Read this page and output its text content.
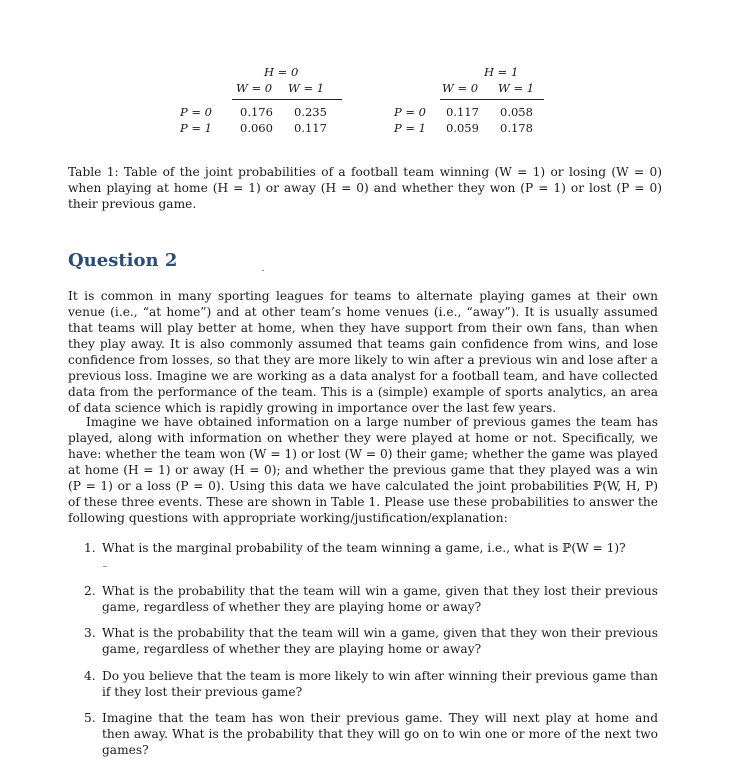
H = 0
W = 0 W = 1
P = 0 0.176 0.235
P = 1 0.060 0.117
H = 1
W = 0 W = 1
P = 0 0.117 0.058
P = 1 0.059 0.178
Table 1: Table of the joint probabilities of a football team winning (W = 1) or losing (W = 0) when playing at home (H = 1) or away (H = 0) and whether they won (P = 1) or lost (P = 0) their previous game.
Question 2
It is common in many sporting leagues for teams to alternate playing games at their own venue (i.e., “at home”) and at other team’s home venues (i.e., “away”). It is usually assumed that teams will play better at home, when they have support from their own fans, than when they play away. It is also commonly assumed that teams gain confidence from wins, and lose confidence from losses, so that they are more likely to win after a previous win and lose after a previous loss. Imagine we are working as a data analyst for a football team, and have collected data from the performance of the team. This is a (simple) example of sports analytics, an area of data science which is rapidly growing in importance over the last few years.
Imagine we have obtained information on a large number of previous games the team has played, along with information on whether they were played at home or not. Specifically, we have: whether the team won (W = 1) or lost (W = 0) their game; whether the game was played at home (H = 1) or away (H = 0); and whether the previous game that they played was a win (P = 1) or a loss (P = 0). Using this data we have calculated the joint probabilities ℙ(W, H, P) of these three events. These are shown in Table 1. Please use these probabilities to answer the following questions with appropriate working/justification/explanation:
1. What is the marginal probability of the team winning a game, i.e., what is ℙ(W = 1)?
2. What is the probability that the team will win a game, given that they lost their previous game, regardless of whether they are playing home or away?
3. What is the probability that the team will win a game, given that they won their previous game, regardless of whether they are playing home or away?
4. Do you believe that the team is more likely to win after winning their previous game than if they lost their previous game?
5. Imagine that the team has won their previous game. They will next play at home and then away. What is the probability that they will go on to win one or more of the next two games?
